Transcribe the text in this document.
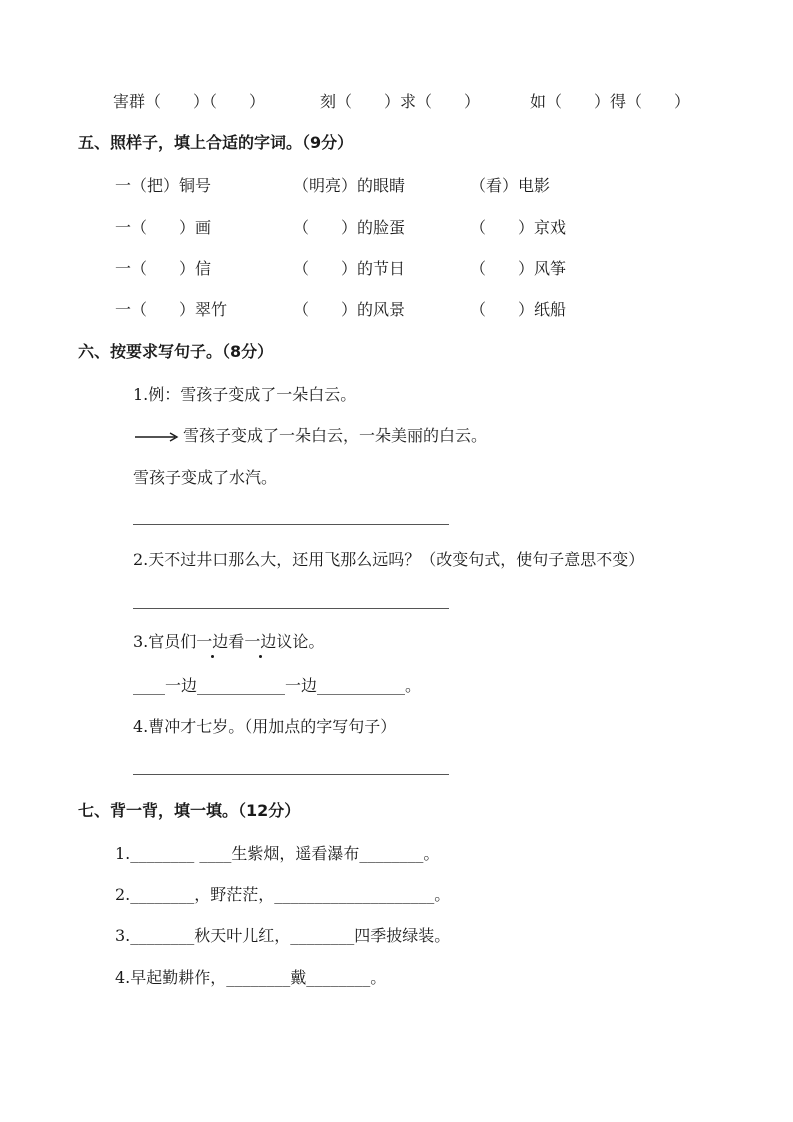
害群（　　）（　　）	刻（　　）求（　　）	如（　　）得（　　）
五、照样子，填上合适的字词。（9分）
一（把）铜号	（明亮）的眼睛	（看）电影
一（　　）画	（　　）的脸蛋	（　　）京戏
一（　　）信	（　　）的节日	（　　）风筝
一（　　）翠竹	（　　）的风景	（　　）纸船
六、按要求写句子。（8分）
1.例：雪孩子变成了一朵白云。
雪孩子变成了一朵白云，一朵美丽的白云。
雪孩子变成了水汽。
2.天不过井口那么大，还用飞那么远吗？（改变句式，使句子意思不变）
3.官员们一边看一边议论。
____一边___________一边___________。
4.曹冲才七岁。（用加点的字写句子）
七、背一背，填一填。（12分）
1.________ ____生紫烟，遥看瀑布________。
2.________，野茫茫，____________________。
3.________秋天叶儿红，________四季披绿装。
4.早起勤耕作，________戴________。
